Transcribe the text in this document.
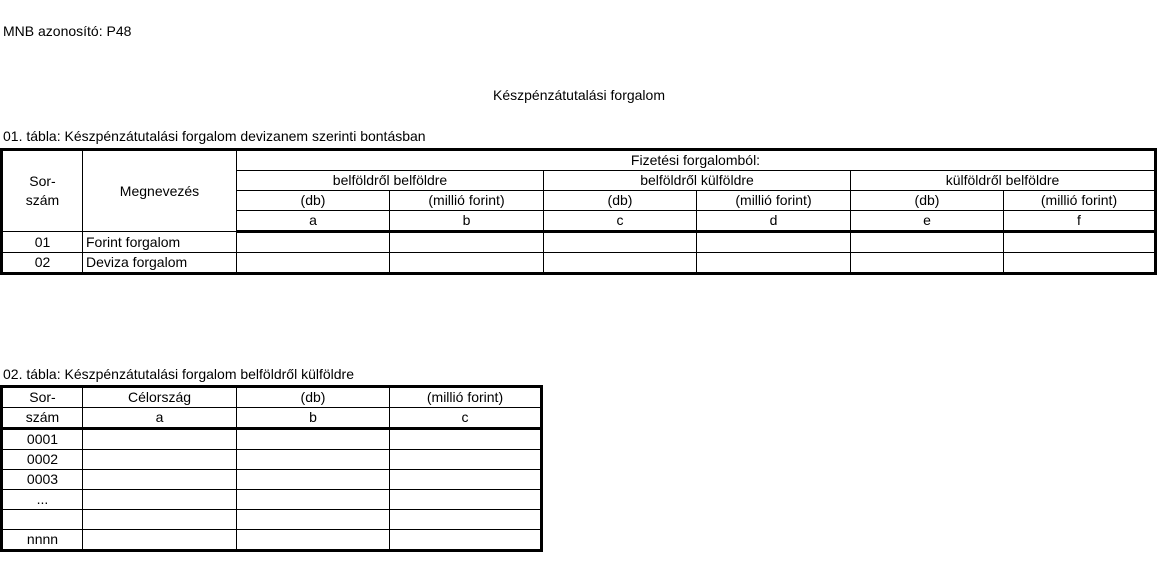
MNB azonosító: P48
Készpénzátutalási forgalom
01. tábla: Készpénzátutalási forgalom devizanem szerinti bontásban
Sor-
szám	Megnevezés	Fizetési forgalomból:					
		belföldről belföldre		belföldről külföldre		külföldről belföldre	
		(db)	(millió forint)	(db)	(millió forint)	(db)	(millió forint)
		a	b	c	d	e	f
01	Forint forgalom						
02	Deviza forgalom						
02. tábla: Készpénzátutalási forgalom belföldről külföldre
Sor-	Célország	(db)	(millió forint)
szám	a	b	c
0001			
0002			
0003			
...			

nnnn			
